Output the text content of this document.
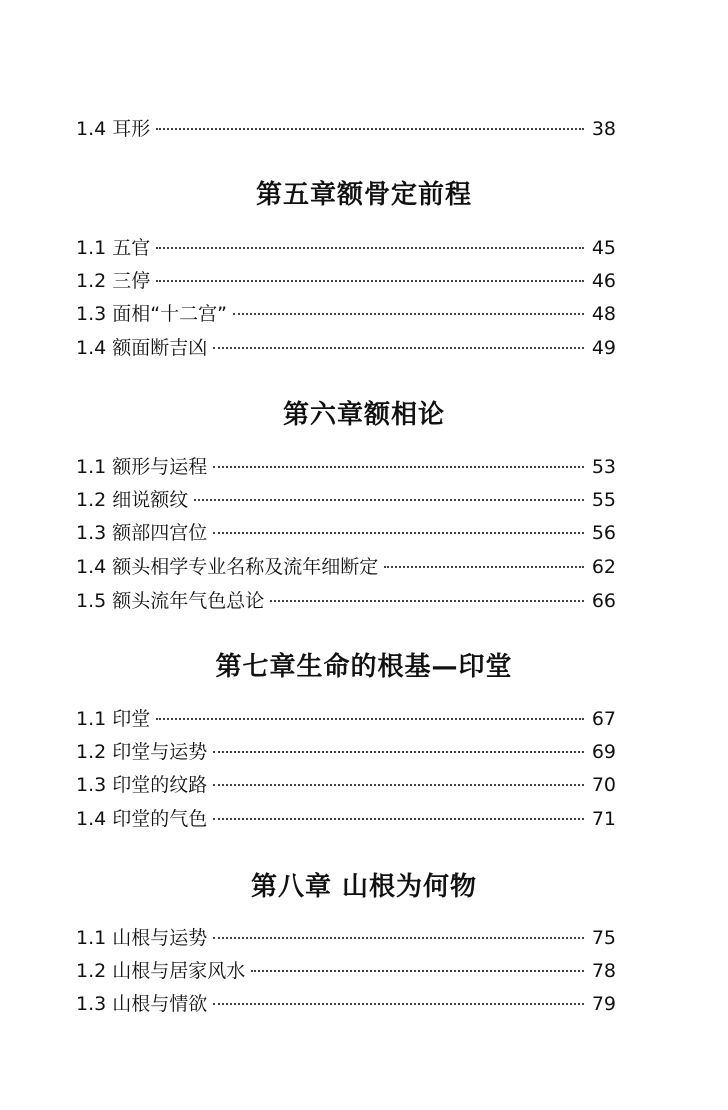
1.4 耳形	38
第五章额骨定前程
1.1 五官	45
1.2 三停	46
1.3 面相“十二宫”	48
1.4 额面断吉凶	49
第六章额相论
1.1 额形与运程	53
1.2 细说额纹	55
1.3 额部四宫位	56
1.4 额头相学专业名称及流年细断定	62
1.5 额头流年气色总论	66
第七章生命的根基—印堂
1.1 印堂	67
1.2 印堂与运势	69
1.3 印堂的纹路	70
1.4 印堂的气色	71
第八章 山根为何物
1.1 山根与运势	75
1.2 山根与居家风水	78
1.3 山根与情欲	79
